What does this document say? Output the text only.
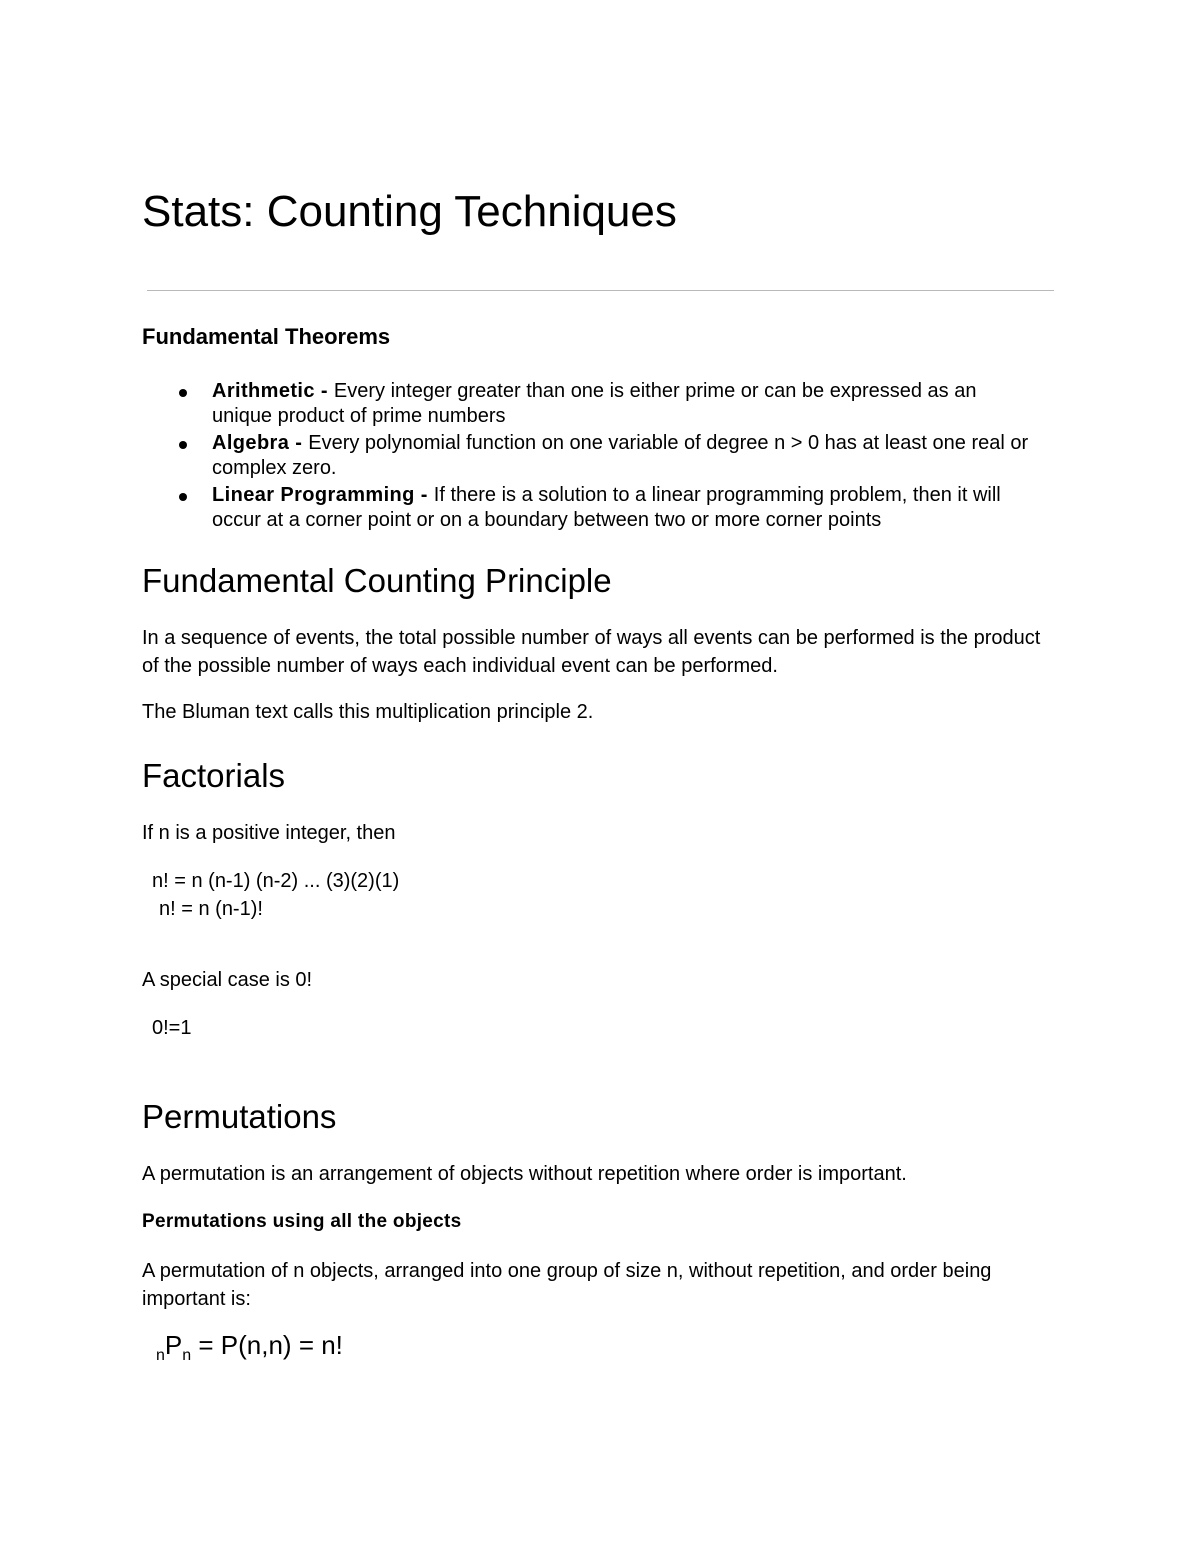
Stats: Counting Techniques
Fundamental Theorems
Arithmetic - Every integer greater than one is either prime or can be expressed as an unique product of prime numbers
Algebra - Every polynomial function on one variable of degree n > 0 has at least one real or complex zero.
Linear Programming - If there is a solution to a linear programming problem, then it will occur at a corner point or on a boundary between two or more corner points
Fundamental Counting Principle
In a sequence of events, the total possible number of ways all events can be performed is the product of the possible number of ways each individual event can be performed.
The Bluman text calls this multiplication principle 2.
Factorials
If n is a positive integer, then
n! = n (n-1) (n-2) ... (3)(2)(1)
n! = n (n-1)!
A special case is 0!
0!=1
Permutations
A permutation is an arrangement of objects without repetition where order is important.
Permutations using all the objects
A permutation of n objects, arranged into one group of size n, without repetition, and order being important is:
$_nP_n = P(n,n) = n$!
